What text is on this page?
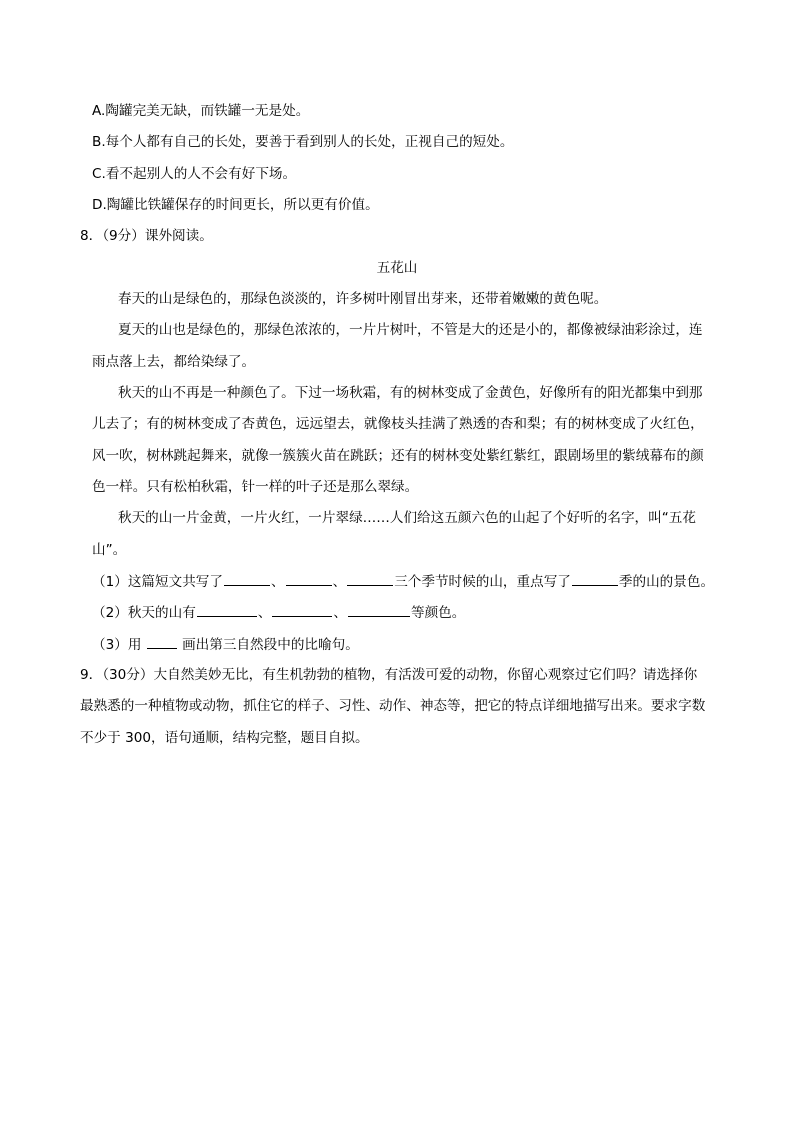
A.陶罐完美无缺，而铁罐一无是处。
B.每个人都有自己的长处，要善于看到别人的长处，正视自己的短处。
C.看不起别人的人不会有好下场。
D.陶罐比铁罐保存的时间更长，所以更有价值。
8．（9分）课外阅读。
五花山
春天的山是绿色的，那绿色淡淡的，许多树叶刚冒出芽来，还带着嫩嫩的黄色呢。
夏天的山也是绿色的，那绿色浓浓的，一片片树叶，不管是大的还是小的，都像被绿油彩涂过，连
雨点落上去，都给染绿了。
秋天的山不再是一种颜色了。下过一场秋霜，有的树林变成了金黄色，好像所有的阳光都集中到那
儿去了；有的树林变成了杏黄色，远远望去，就像枝头挂满了熟透的杏和梨；有的树林变成了火红色，
风一吹，树林跳起舞来，就像一簇簇火苗在跳跃；还有的树林变处紫红紫红，跟剧场里的紫绒幕布的颜
色一样。只有松柏秋霜，针一样的叶子还是那么翠绿。
秋天的山一片金黄，一片火红，一片翠绿……人们给这五颜六色的山起了个好听的名字，叫“五花
山”。
（1）这篇短文共写了	、	、	三个季节时候的山，重点写了	季的山的景色。
（2）秋天的山有	、	、	等颜色。
（3）用	画出第三自然段中的比喻句。
9．（30分）大自然美妙无比，有生机勃勃的植物，有活泼可爱的动物，你留心观察过它们吗？请选择你
最熟悉的一种植物或动物，抓住它的样子、习性、动作、神态等，把它的特点详细地描写出来。要求字数
不少于 300，语句通顺，结构完整，题目自拟。
